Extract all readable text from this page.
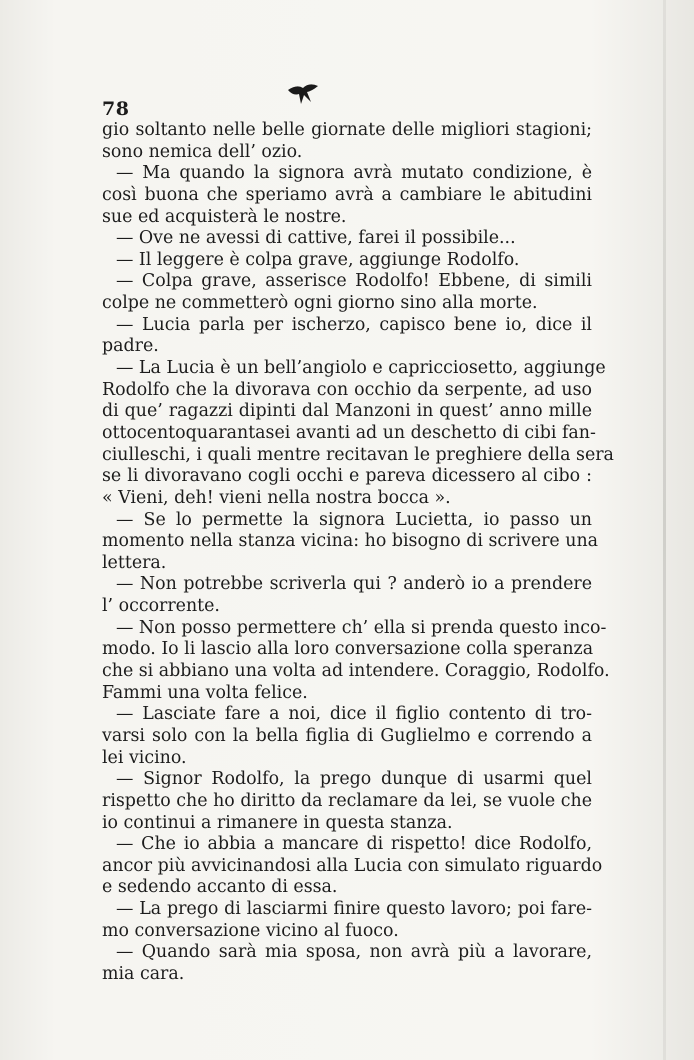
78
gio soltanto nelle belle giornate delle migliori stagioni;
sono nemica dell’ ozio.
— Ma quando la signora avrà mutato condizione, è
così buona che speriamo avrà a cambiare le abitudini
sue ed acquisterà le nostre.
— Ove ne avessi di cattive, farei il possibile...
— Il leggere è colpa grave, aggiunge Rodolfo.
— Colpa grave, asserisce Rodolfo! Ebbene, di simili
colpe ne commetterò ogni giorno sino alla morte.
— Lucia parla per ischerzo, capisco bene io, dice il
padre.
— La Lucia è un bell’angiolo e capricciosetto, aggiunge
Rodolfo che la divorava con occhio da serpente, ad uso
di que’ ragazzi dipinti dal Manzoni in quest’ anno mille
ottocentoquarantasei avanti ad un deschetto di cibi fan-
ciulleschi, i quali mentre recitavan le preghiere della sera
se li divoravano cogli occhi e pareva dicessero al cibo :
« Vieni, deh! vieni nella nostra bocca ».
— Se lo permette la signora Lucietta, io passo un
momento nella stanza vicina: ho bisogno di scrivere una
lettera.
— Non potrebbe scriverla qui ? anderò io a prendere
l’ occorrente.
— Non posso permettere ch’ ella si prenda questo inco-
modo. Io li lascio alla loro conversazione colla speranza
che si abbiano una volta ad intendere. Coraggio, Rodolfo.
Fammi una volta felice.
— Lasciate fare a noi, dice il figlio contento di tro-
varsi solo con la bella figlia di Guglielmo e correndo a
lei vicino.
— Signor Rodolfo, la prego dunque di usarmi quel
rispetto che ho diritto da reclamare da lei, se vuole che
io continui a rimanere in questa stanza.
— Che io abbia a mancare di rispetto! dice Rodolfo,
ancor più avvicinandosi alla Lucia con simulato riguardo
e sedendo accanto di essa.
— La prego di lasciarmi finire questo lavoro; poi fare-
mo conversazione vicino al fuoco.
— Quando sarà mia sposa, non avrà più a lavorare,
mia cara.
